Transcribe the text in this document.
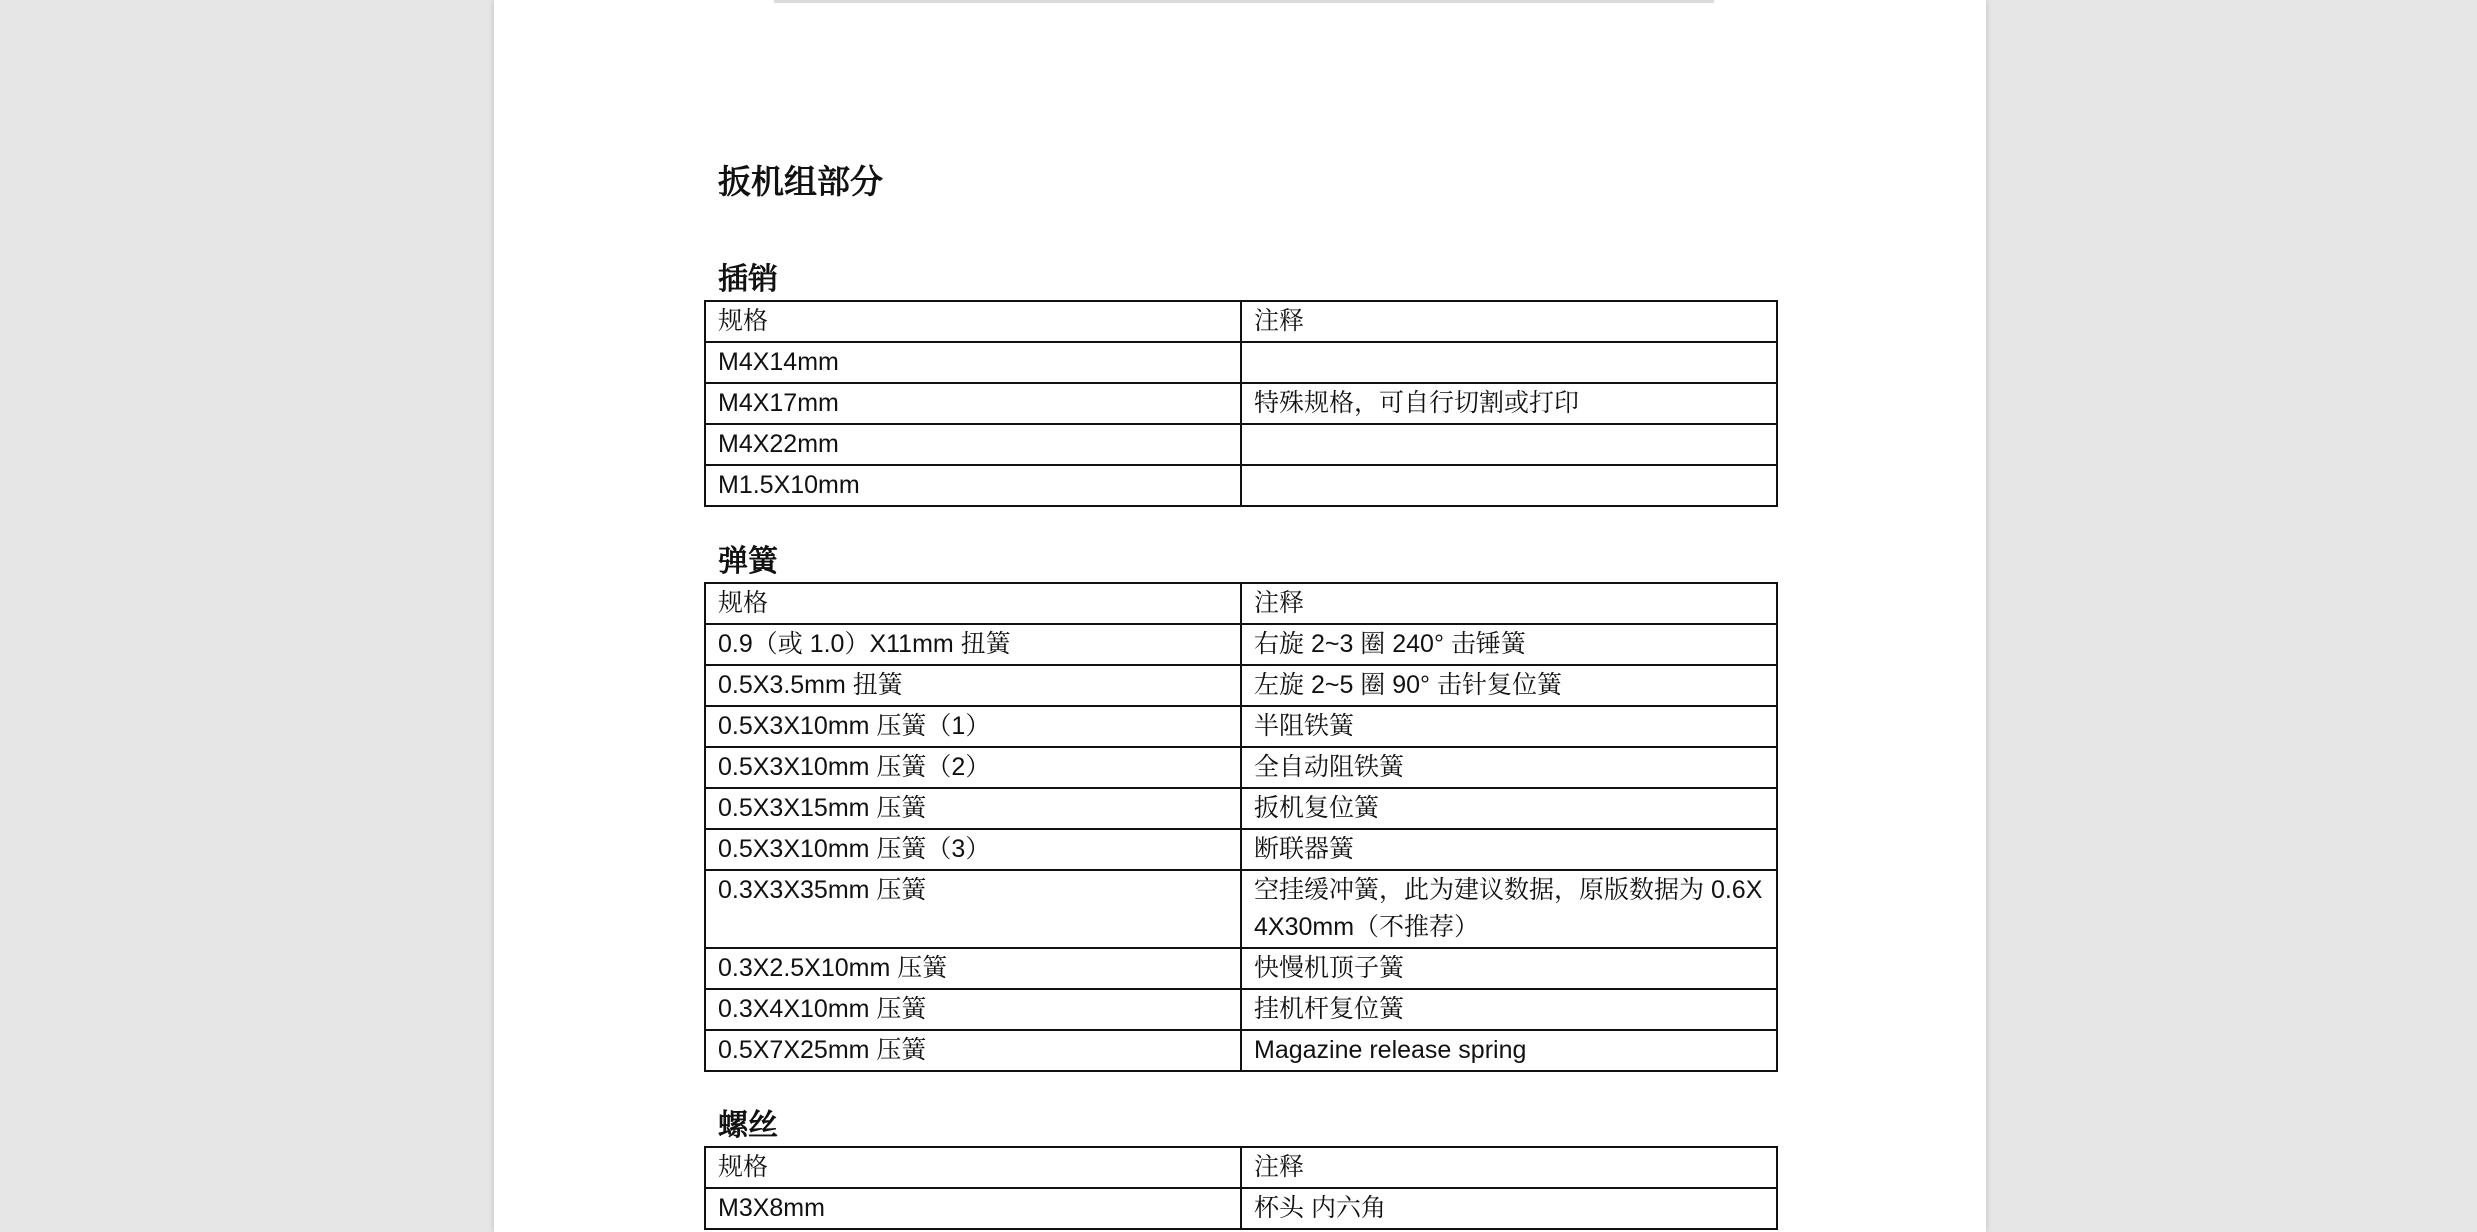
扳机组部分
插销
规格	注释
M4X14mm	
M4X17mm	特殊规格，可自行切割或打印
M4X22mm	
M1.5X10mm	
弹簧
规格	注释
0.9（或 1.0）X11mm 扭簧	右旋 2~3 圈 240° 击锤簧
0.5X3.5mm 扭簧	左旋 2~5 圈 90° 击针复位簧
0.5X3X10mm 压簧（1）	半阻铁簧
0.5X3X10mm 压簧（2）	全自动阻铁簧
0.5X3X15mm 压簧	扳机复位簧
0.5X3X10mm 压簧（3）	断联器簧
0.3X3X35mm 压簧	空挂缓冲簧，此为建议数据，原版数据为 0.6X4X30mm（不推荐）
0.3X2.5X10mm 压簧	快慢机顶子簧
0.3X4X10mm 压簧	挂机杆复位簧
0.5X7X25mm 压簧	Magazine release spring
螺丝
规格	注释
M3X8mm	杯头 内六角
